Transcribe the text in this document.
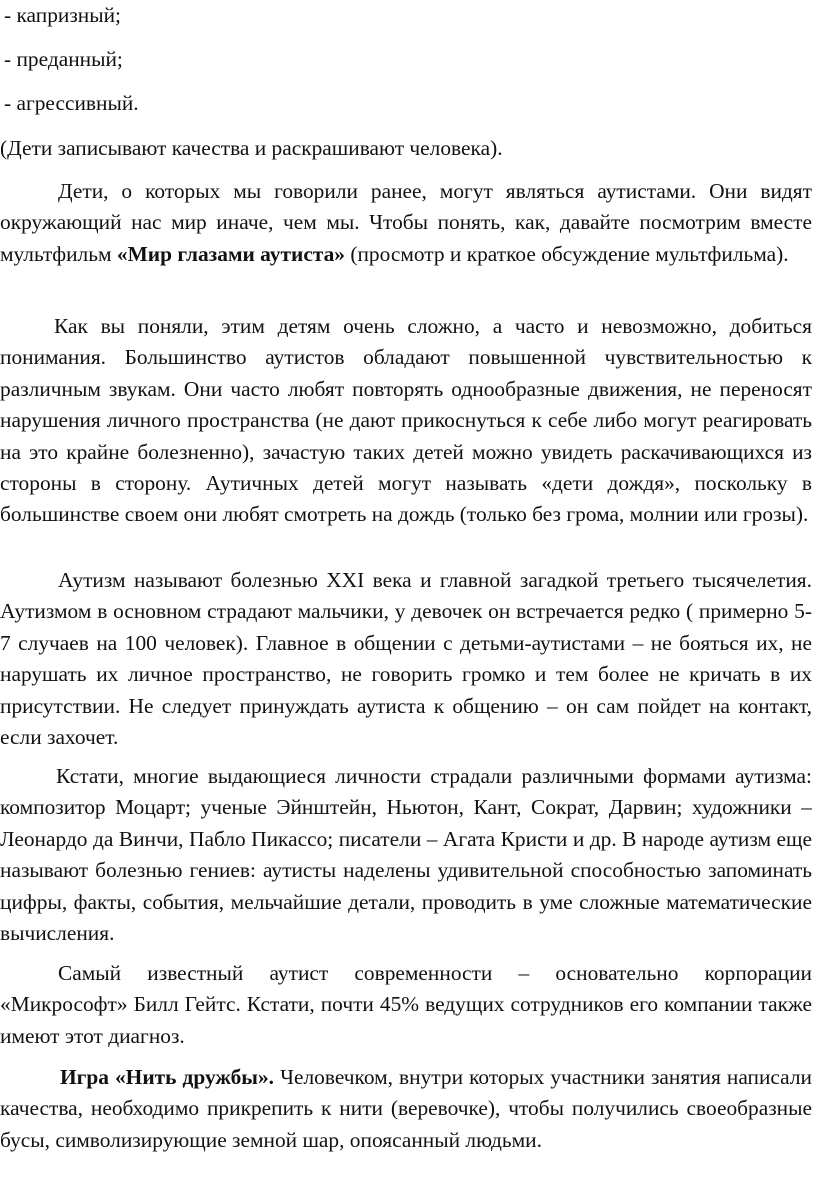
- капризный;
- преданный;
- агрессивный.
(Дети записывают качества и раскрашивают человека).

Дети, о которых мы говорили ранее, могут являться аутистами. Они видят окружающий нас мир иначе, чем мы. Чтобы понять, как, давайте посмотрим вместе мультфильм «Мир глазами аутиста» (просмотр и краткое обсуждение мультфильма).

Как вы поняли, этим детям очень сложно, а часто и невозможно, добиться понимания. Большинство аутистов обладают повышенной чувствительностью к различным звукам. Они часто любят повторять однообразные движения, не переносят нарушения личного пространства (не дают прикоснуться к себе либо могут реагировать на это крайне болезненно), зачастую таких детей можно увидеть раскачивающихся из стороны в сторону. Аутичных детей могут называть «дети дождя», поскольку в большинстве своем они любят смотреть на дождь (только без грома, молнии или грозы).

Аутизм называют болезнью XXI века и главной загадкой третьего тысячелетия. Аутизмом в основном страдают мальчики, у девочек он встречается редко ( примерно 5-7 случаев на 100 человек). Главное в общении с детьми-аутистами – не бояться их, не нарушать их личное пространство, не говорить громко и тем более не кричать в их присутствии. Не следует принуждать аутиста к общению – он сам пойдет на контакт, если захочет.

Кстати, многие выдающиеся личности страдали различными формами аутизма: композитор Моцарт; ученые Эйнштейн, Ньютон, Кант, Сократ, Дарвин; художники – Леонардо да Винчи, Пабло Пикассо; писатели – Агата Кристи и др. В народе аутизм еще называют болезнью гениев: аутисты наделены удивительной способностью запоминать цифры, факты, события, мельчайшие детали, проводить в уме сложные математические вычисления.

Самый известный аутист современности – основательно корпорации «Микрософт» Билл Гейтс. Кстати, почти 45% ведущих сотрудников его компании также имеют этот диагноз.

Игра «Нить дружбы». Человечком, внутри которых участники занятия написали качества, необходимо прикрепить к нити (веревочке), чтобы получились своеобразные бусы, символизирующие земной шар, опоясанный людьми.
